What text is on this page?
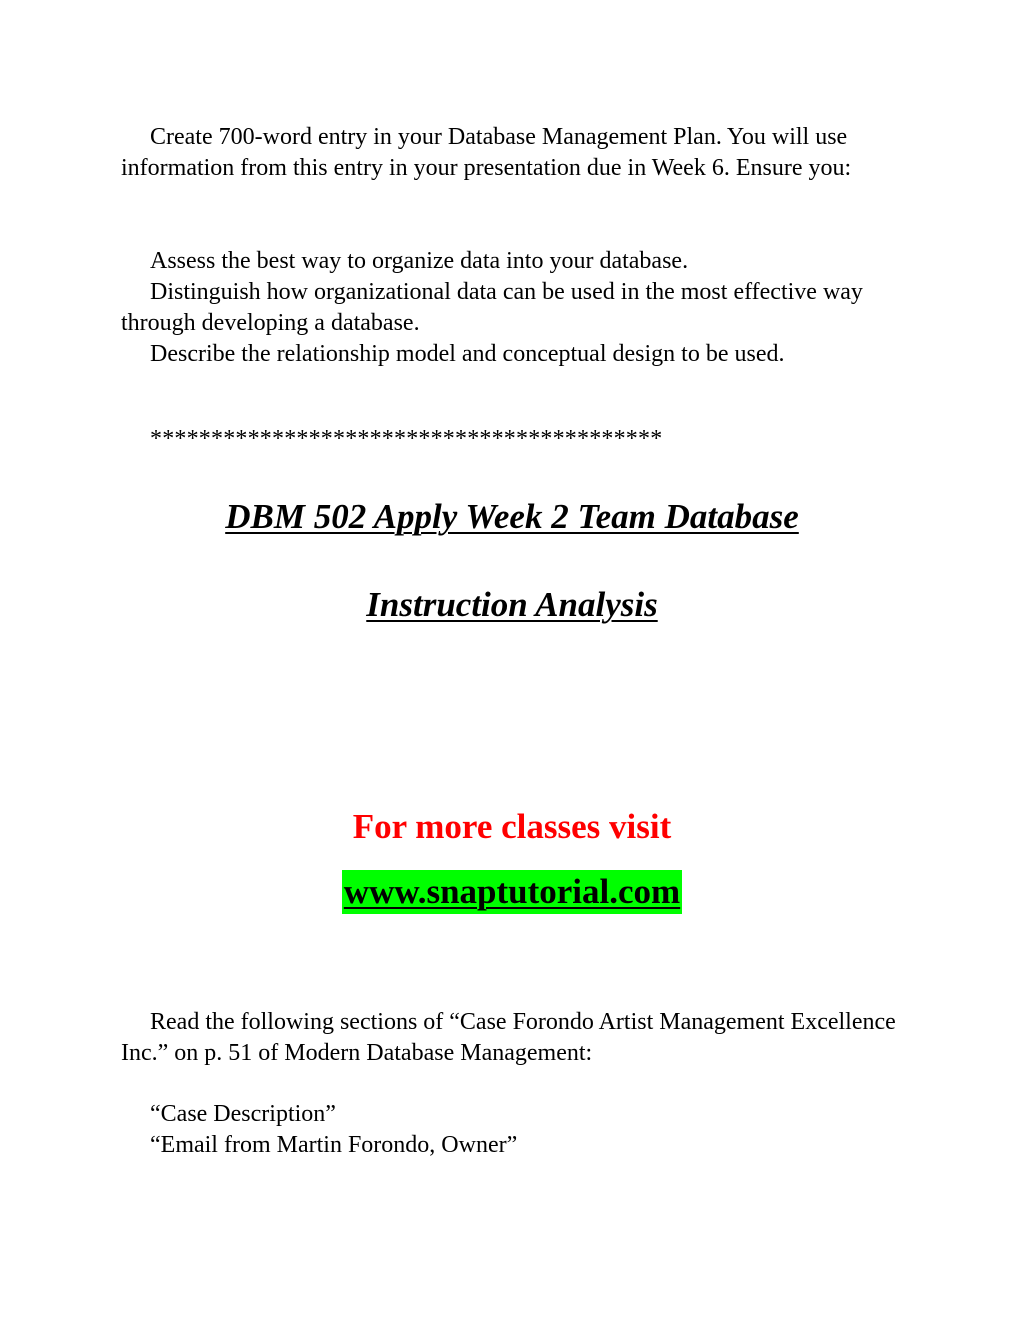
Create 700-word entry in your Database Management Plan. You will use information from this entry in your presentation due in Week 6. Ensure you:

Assess the best way to organize data into your database.

Distinguish how organizational data can be used in the most effective way through developing a database.

Describe the relationship model and conceptual design to be used.

******************************************
DBM 502 Apply Week 2 Team Database
Instruction Analysis
For more classes visit
www.snaptutorial.com

Read the following sections of “Case Forondo Artist Management Excellence Inc.” on p. 51 of Modern Database Management:

“Case Description”

“Email from Martin Forondo, Owner”
